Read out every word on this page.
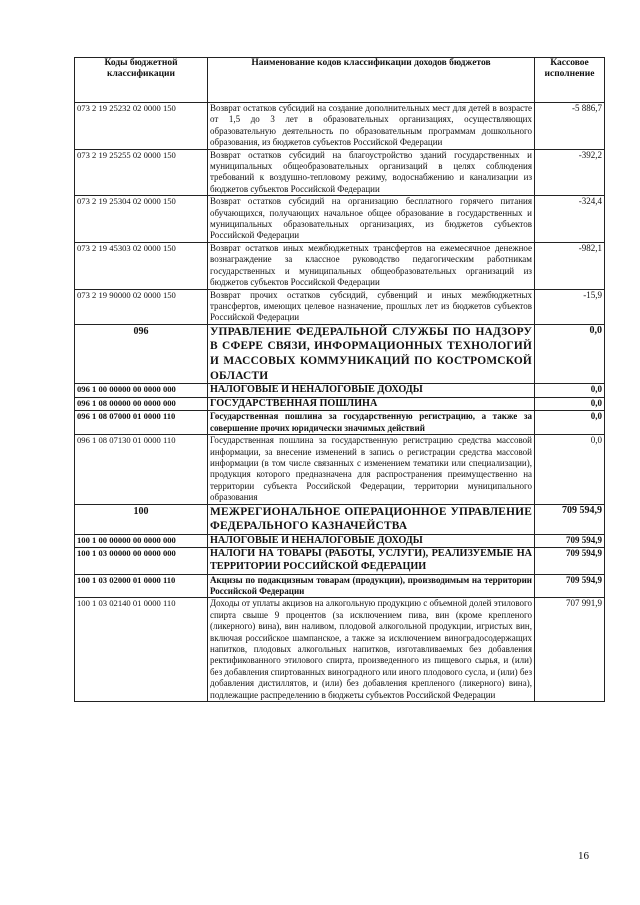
Коды бюджетной классификации	Наименование кодов классификации доходов бюджетов	Кассовое исполнение
073 2 19 25232 02 0000 150	Возврат остатков субсидий на создание дополнительных мест для детей в возрасте от 1,5 до 3 лет в образовательных организациях, осуществляющих образовательную деятельность по образовательным программам дошкольного образования, из бюджетов субъектов Российской Федерации	-5 886,7
073 2 19 25255 02 0000 150	Возврат остатков субсидий на благоустройство зданий государственных и муниципальных общеобразовательных организаций в целях соблюдения требований к воздушно-тепловому режиму, водоснабжению и канализации из бюджетов субъектов Российской Федерации	-392,2
073 2 19 25304 02 0000 150	Возврат остатков субсидий на организацию бесплатного горячего питания обучающихся, получающих начальное общее образование в государственных и муниципальных образовательных организациях, из бюджетов субъектов Российской Федерации	-324,4
073 2 19 45303 02 0000 150	Возврат остатков иных межбюджетных трансфертов на ежемесячное денежное вознаграждение за классное руководство педагогическим работникам государственных и муниципальных общеобразовательных организаций из бюджетов субъектов Российской Федерации	-982,1
073 2 19 90000 02 0000 150	Возврат прочих остатков субсидий, субвенций и иных межбюджетных трансфертов, имеющих целевое назначение, прошлых лет из бюджетов субъектов Российской Федерации	-15,9
096	УПРАВЛЕНИЕ ФЕДЕРАЛЬНОЙ СЛУЖБЫ ПО НАДЗОРУ В СФЕРЕ СВЯЗИ, ИНФОРМАЦИОННЫХ ТЕХНОЛОГИЙ И МАССОВЫХ КОММУНИКАЦИЙ ПО КОСТРОМСКОЙ ОБЛАСТИ	0,0
096 1 00 00000 00 0000 000	НАЛОГОВЫЕ И НЕНАЛОГОВЫЕ ДОХОДЫ	0,0
096 1 08 00000 00 0000 000	ГОСУДАРСТВЕННАЯ ПОШЛИНА	0,0
096 1 08 07000 01 0000 110	Государственная пошлина за государственную регистрацию, а также за совершение прочих юридически значимых действий	0,0
096 1 08 07130 01 0000 110	Государственная пошлина за государственную регистрацию средства массовой информации, за внесение изменений в запись о регистрации средства массовой информации (в том числе связанных с изменением тематики или специализации), продукция которого предназначена для распространения преимущественно на территории субъекта Российской Федерации, территории муниципального образования	0,0
100	МЕЖРЕГИОНАЛЬНОЕ ОПЕРАЦИОННОЕ УПРАВЛЕНИЕ ФЕДЕРАЛЬНОГО КАЗНАЧЕЙСТВА	709 594,9
100 1 00 00000 00 0000 000	НАЛОГОВЫЕ И НЕНАЛОГОВЫЕ ДОХОДЫ	709 594,9
100 1 03 00000 00 0000 000	НАЛОГИ НА ТОВАРЫ (РАБОТЫ, УСЛУГИ), РЕАЛИЗУЕМЫЕ НА ТЕРРИТОРИИ РОССИЙСКОЙ ФЕДЕРАЦИИ	709 594,9
100 1 03 02000 01 0000 110	Акцизы по подакцизным товарам (продукции), производимым на территории Российской Федерации	709 594,9
100 1 03 02140 01 0000 110	Доходы от уплаты акцизов на алкогольную продукцию с объемной долей этилового спирта свыше 9 процентов (за исключением пива, вин (кроме крепленого (ликерного) вина), вин наливом, плодовой алкогольной продукции, игристых вин, включая российское шампанское, а также за исключением виноградосодержащих напитков, плодовых алкогольных напитков, изготавливаемых без добавления ректификованного этилового спирта, произведенного из пищевого сырья, и (или) без добавления спиртованных виноградного или иного плодового сусла, и (или) без добавления дистиллятов, и (или) без добавления крепленого (ликерного) вина), подлежащие распределению в бюджеты субъектов Российской Федерации	707 991,9
16
